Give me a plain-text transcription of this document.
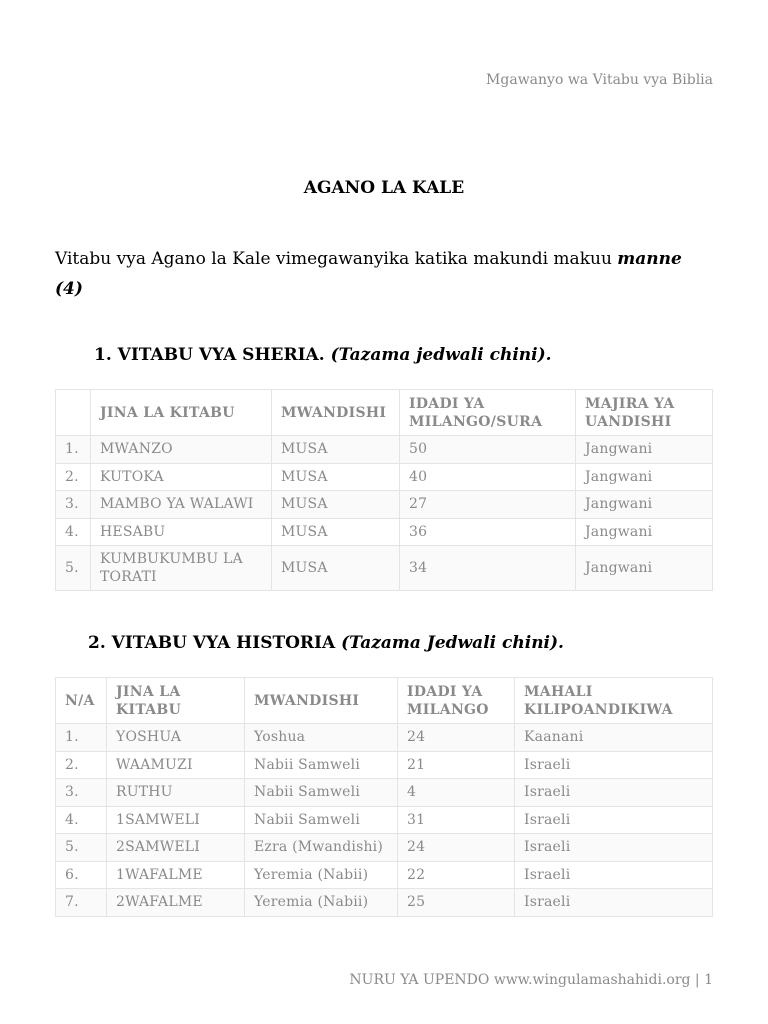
Mgawanyo wa Vitabu vya Biblia
AGANO LA KALE
Vitabu vya Agano la Kale vimegawanyika katika makundi makuu manne (4)
1. VITABU VYA SHERIA. (Tazama jedwali chini).
	JINA LA KITABU	MWANDISHI	IDADI YA MILANGO/SURA	MAJIRA YA UANDISHI
1.	MWANZO	MUSA	50	Jangwani
2.	KUTOKA	MUSA	40	Jangwani
3.	MAMBO YA WALAWI	MUSA	27	Jangwani
4.	HESABU	MUSA	36	Jangwani
5.	KUMBUKUMBU LA TORATI	MUSA	34	Jangwani
2. VITABU VYA HISTORIA (Tazama Jedwali chini).
N/A	JINA LA KITABU	MWANDISHI	IDADI YA MILANGO	MAHALI KILIPOANDIKIWA
1.	YOSHUA	Yoshua	24	Kaanani
2.	WAAMUZI	Nabii Samweli	21	Israeli
3.	RUTHU	Nabii Samweli	4	Israeli
4.	1SAMWELI	Nabii Samweli	31	Israeli
5.	2SAMWELI	Ezra (Mwandishi)	24	Israeli
6.	1WAFALME	Yeremia (Nabii)	22	Israeli
7.	2WAFALME	Yeremia (Nabii)	25	Israeli
NURU YA UPENDO www.wingulamashahidi.org | 1
